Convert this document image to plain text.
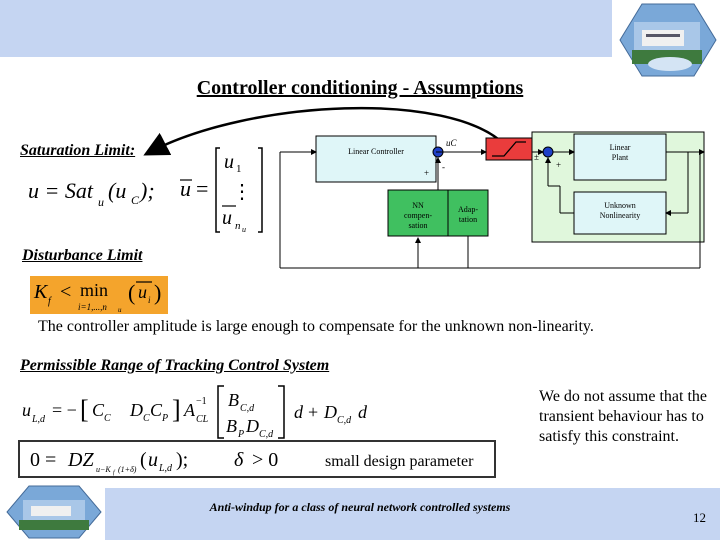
Controller conditioning - Assumptions
Saturation Limit:
u = Sat u (u C ); u =
u 1
⋮
u n u
Linear Controller
uC
+
-
NN
compen-
sation
Adap-
tation
±
+
Linear
Plant
Unknown
Nonlinearity
Disturbance Limit
K f < min
i=1,...,n u
( u i )
The controller amplitude is large enough to compensate for the unknown non-linearity.
Permissible Range of Tracking Control System
u L,d = − [ C C D C C P ] A CL
−1 B C,d
B P D C,d
d + D C,d d
0 = DZ u−K f (1+δ) ( u L,d ); δ > 0	small design parameter
We do not assume that the transient behaviour has to satisfy this constraint.
Anti-windup for a class of neural network controlled systems
12
